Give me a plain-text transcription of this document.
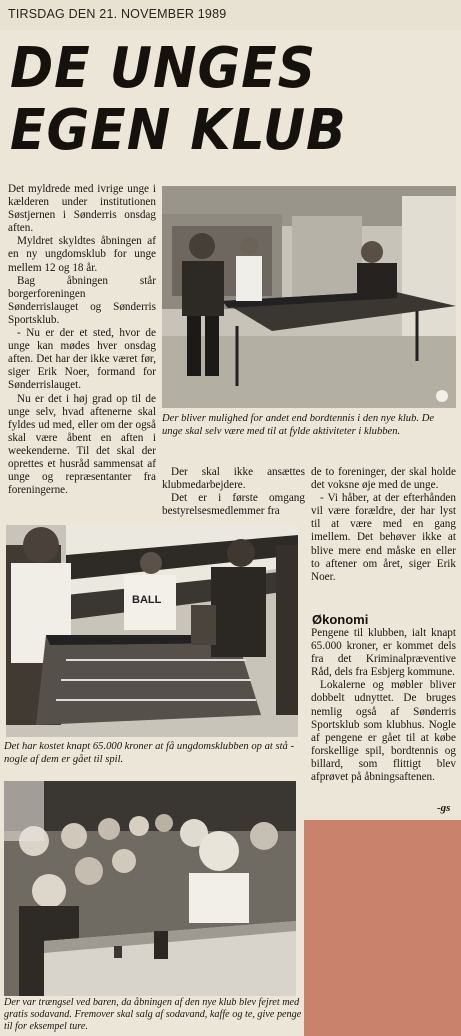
TIRSDAG DEN 21. NOVEMBER 1989
DE UNGES
EGEN KLUB

Det myldrede med ivrige unge i kælderen under institutionen Søstjernen i Sønderris onsdag aften.

Myldret skyldtes åbningen af en ny ungdomsklub for unge mellem 12 og 18 år.

Bag åbningen står borgerforeningen Sønderrislauget og Sønderris Sportsklub.

- Nu er der et sted, hvor de unge kan mødes hver onsdag aften. Det har der ikke været før, siger Erik Noer, formand for Sønderrislauget.

Nu er det i høj grad op til de unge selv, hvad aftenerne skal fyldes ud med, eller om der også skal være åbent en aften i weekenderne. Til det skal der oprettes et husråd sammensat af unge og repræsentanter fra foreningerne.

Der bliver mulighed for andet end bordtennis i den nye klub. De unge skal selv være med til at fylde aktiviteter i klubben.

Der skal ikke ansættes klubmedarbejdere.

Det er i første omgang bestyrelsesmedlemmer fra

de to foreninger, der skal holde det voksne øje med de unge.

- Vi håber, at der efterhånden vil være forældre, der har lyst til at være med en gang imellem. Det behøver ikke at blive mere end måske en eller to aftener om året, siger Erik Noer.

Økonomi

Pengene til klubben, ialt knapt 65.000 kroner, er kommet dels fra det Kriminalpræventive Råd, dels fra Esbjerg kommune.

Lokalerne og møbler bliver dobbelt udnyttet. De bruges nemlig også af Sønderris Sportsklub som klubhus. Nogle af pengene er gået til at købe forskellige spil, bordtennis og billard, som flittigt blev afprøvet på åbningsaftenen.

-gs
BALL
Det har kostet knapt 65.000 kroner at få ungdomsklubben op at stå - nogle af dem er gået til spil.
Der var trængsel ved baren, da åbningen af den nye klub blev fejret med gratis sodavand. Fremover skal salg af sodavand, kaffe og te, give penge til for eksempel ture.
